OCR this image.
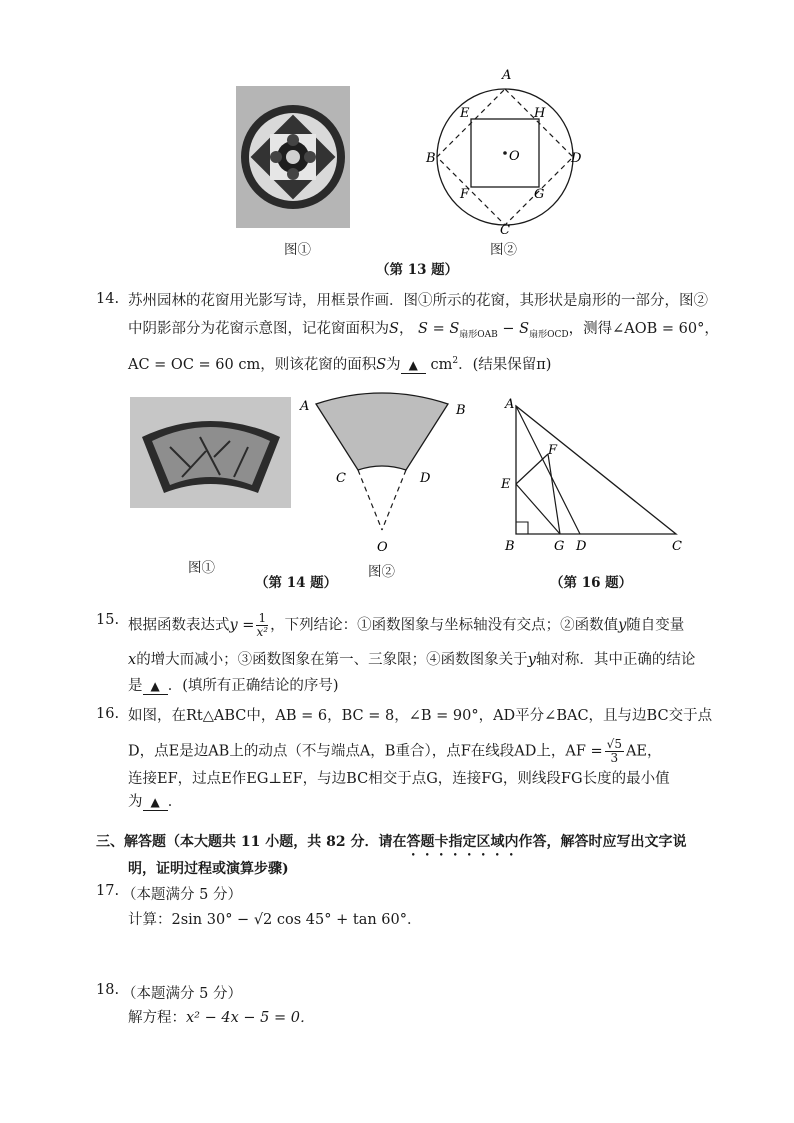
图①
A
B
C
D
E
F	G
H
O
图②
（第 13 题）
14. 苏州园林的花窗用光影写诗，用框景作画．图①所示的花窗，其形状是扇形的一部分，图②
中阴影部分为花窗示意图，记花窗面积为S， $S = S_{扇形OAB} - S_{扇形OCD}$，测得∠AOB = 60°，
AC = OC = 60 cm，则该花窗的面积S为 ▲ $cm^2$．(结果保留π)
图①
A	B
C	D
O
图②
（第 14 题）
A
B	C
D
E
F
G
（第 16 题）
15. 根据函数表达式$y = \frac{1}{\text{x²}}$ ，下列结论：①函数图象与坐标轴没有交点；②函数值y随自变量
x的增大而减小；③函数图象在第一、三象限；④函数图象关于y轴对称．其中正确的结论
是 ▲ ．(填所有正确结论的序号)
16. 如图，在Rt△ABC中，AB = 6，BC = 8，∠B = 90°，AD平分∠BAC，且与边BC交于点
D，点E是边AB上的动点（不与端点A，B重合），点F在线段AD上，AF = $\frac{√5}{3}$ AE，
连接EF，过点E作EG⊥EF，与边BC相交于点G，连接FG，则线段FG长度的最小值
为 ▲ ．
三、解答题（本大题共 11 小题，共 82 分．请在答题卡指定区域内作答，解答时应写出文字说
明，证明过程或演算步骤)
17. （本题满分 5 分）
计算：2sin 30° − √2 cos 45° + tan 60°．
18. （本题满分 5 分）
解方程：x² − 4x − 5 = 0．
